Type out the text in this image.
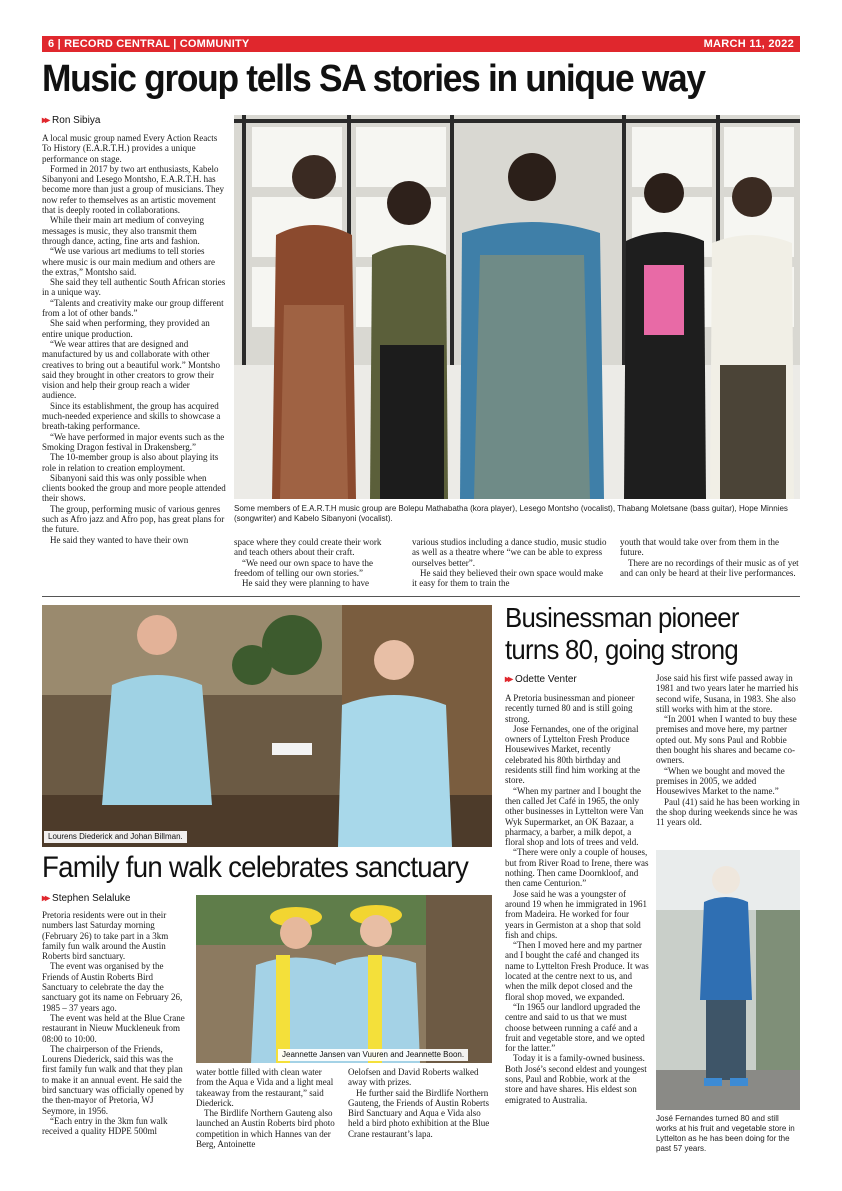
6 | RECORD CENTRAL | COMMUNITY	MARCH 11, 2022
Music group tells SA stories in unique way
▸▸ Ron Sibiya

A local music group named Every Action Reacts To History (E.A.R.T.H.) provides a unique performance on stage.

Formed in 2017 by two art enthusiasts, Kabelo Sibanyoni and Lesego Montsho, E.A.R.T.H. has become more than just a group of musicians. They now refer to themselves as an artistic movement that is deeply rooted in collaborations.

While their main art medium of conveying messages is music, they also transmit them through dance, acting, fine arts and fashion.

“We use various art mediums to tell stories where music is our main medium and others are the extras,” Montsho said.

She said they tell authentic South African stories in a unique way.

“Talents and creativity make our group different from a lot of other bands.”

She said when performing, they provided an entire unique production.

“We wear attires that are designed and manufactured by us and collaborate with other creatives to bring out a beautiful work.” Montsho said they brought in other creators to grow their vision and help their group reach a wider audience.

Since its establishment, the group has acquired much-needed experience and skills to showcase a breath-taking performance.

“We have performed in major events such as the Smoking Dragon festival in Drakensberg.”

The 10-member group is also about playing its role in relation to creation employment.

Sibanyoni said this was only possible when clients booked the group and more people attended their shows.

The group, performing music of various genres such as Afro jazz and Afro pop, has great plans for the future.

He said they wanted to have their own

Some members of E.A.R.T.H music group are Bolepu Mathabatha (kora player), Lesego Montsho (vocalist), Thabang Moletsane (bass guitar), Hope Minnies (songwriter) and Kabelo Sibanyoni (vocalist).

space where they could create their work and teach others about their craft.

“We need our own space to have the freedom of telling our own stories.”

He said they were planning to have

various studios including a dance studio, music studio as well as a theatre where “we can be able to express ourselves better”.

He said they believed their own space would make it easy for them to train the

youth that would take over from them in the future.

There are no recordings of their music as of yet and can only be heard at their live performances.

Lourens Diederick and Johan Billman.
Family fun walk celebrates sanctuary
▸▸ Stephen Selaluke

Pretoria residents were out in their numbers last Saturday morning (February 26) to take part in a 3km family fun walk around the Austin Roberts bird sanctuary.

The event was organised by the Friends of Austin Roberts Bird Sanctuary to celebrate the day the sanctuary got its name on February 26, 1985 – 37 years ago.

The event was held at the Blue Crane restaurant in Nieuw Muckleneuk from 08:00 to 10:00.

The chairperson of the Friends, Lourens Diederick, said this was the first family fun walk and that they plan to make it an annual event. He said the bird sanctuary was officially opened by the then-mayor of Pretoria, WJ Seymore, in 1956.

“Each entry in the 3km fun walk received a quality HDPE 500ml

Jeannette Jansen van Vuuren and Jeannette Boon.

water bottle filled with clean water from the Aqua e Vida and a light meal takeaway from the restaurant,” said Diederick.

The Birdlife Northern Gauteng also launched an Austin Roberts bird photo competition in which Hannes van der Berg, Antoinette

Oelofsen and David Roberts walked away with prizes.

He further said the Birdlife Northern Gauteng, the Friends of Austin Roberts Bird Sanctuary and Aqua e Vida also held a bird photo exhibition at the Blue Crane restaurant’s lapa.

Businessman pioneer
turns 80, going strong
▸▸ Odette Venter

A Pretoria businessman and pioneer recently turned 80 and is still going strong.

Jose Fernandes, one of the original owners of Lyttelton Fresh Produce Housewives Market, recently celebrated his 80th birthday and residents still find him working at the store.

“When my partner and I bought the then called Jet Café in 1965, the only other businesses in Lyttelton were Van Wyk Supermarket, an OK Bazaar, a pharmacy, a barber, a milk depot, a floral shop and lots of trees and veld.

“There were only a couple of houses, but from River Road to Irene, there was nothing. Then came Doornkloof, and then came Centurion.”

Jose said he was a youngster of around 19 when he immigrated in 1961 from Madeira. He worked for four years in Germiston at a shop that sold fish and chips.

“Then I moved here and my partner and I bought the café and changed its name to Lyttelton Fresh Produce. It was located at the centre next to us, and when the milk depot closed and the floral shop moved, we expanded.

“In 1965 our landlord upgraded the centre and said to us that we must choose between running a café and a fruit and vegetable store, and we opted for the latter.”

Today it is a family-owned business. Both José’s second eldest and youngest sons, Paul and Robbie, work at the store and have shares. His eldest son emigrated to Australia.

Jose said his first wife passed away in 1981 and two years later he married his second wife, Susana, in 1983. She also still works with him at the store.

“In 2001 when I wanted to buy these premises and move here, my partner opted out. My sons Paul and Robbie then bought his shares and became co-owners.

“When we bought and moved the premises in 2005, we added Housewives Market to the name.”

Paul (41) said he has been working in the shop during weekends since he was 11 years old.

José Fernandes turned 80 and still works at his fruit and vegetable store in Lyttelton as he has been doing for the past 57 years.
